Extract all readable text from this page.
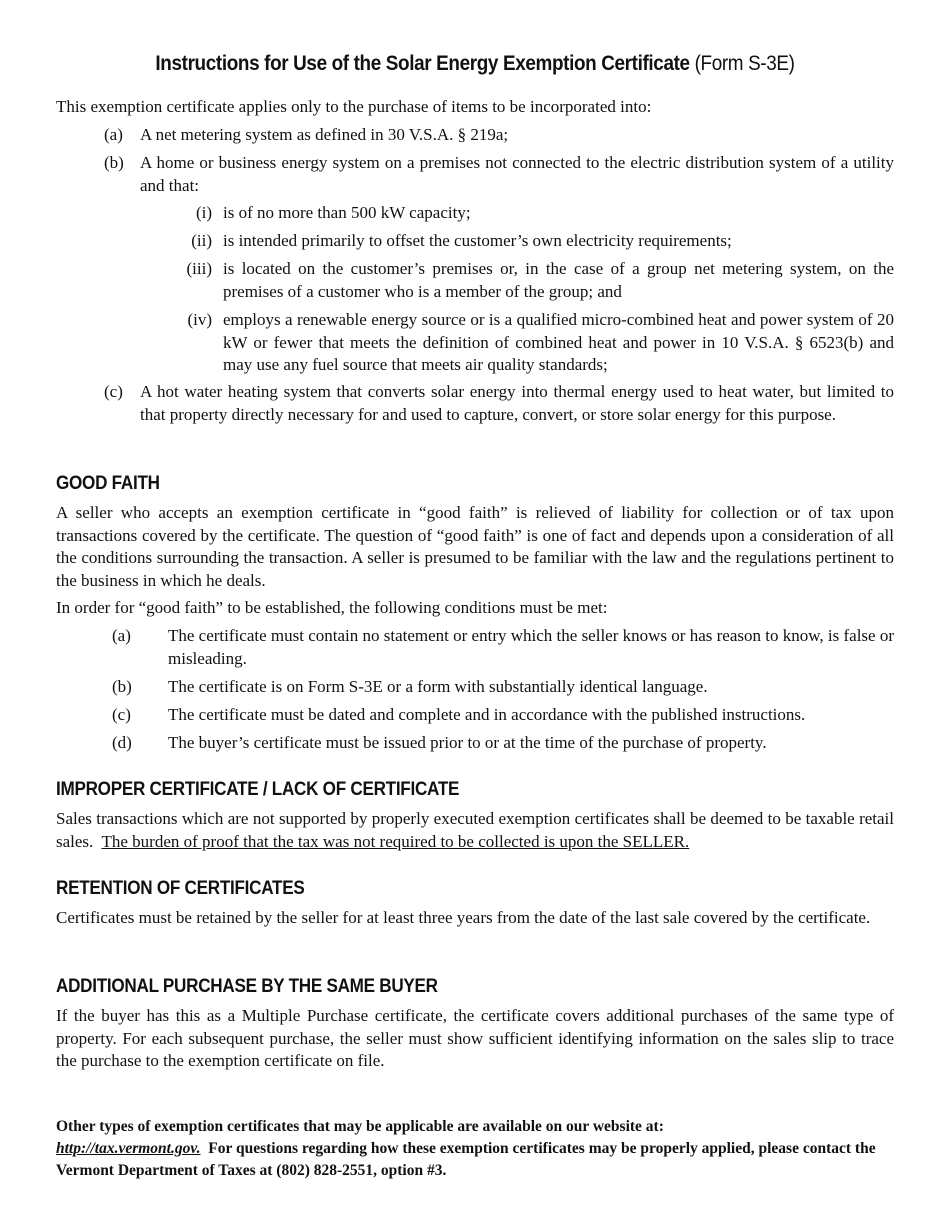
Instructions for Use of the Solar Energy Exemption Certificate (Form S-3E)

This exemption certificate applies only to the purchase of items to be incorporated into:

(a) A net metering system as defined in 30 V.S.A. § 219a;
(b) A home or business energy system on a premises not connected to the electric distribution system of a utility and that:
(i) is of no more than 500 kW capacity;
(ii) is intended primarily to offset the customer’s own electricity requirements;
(iii) is located on the customer’s premises or, in the case of a group net metering system, on the premises of a customer who is a member of the group; and
(iv) employs a renewable energy source or is a qualified micro-combined heat and power system of 20 kW or fewer that meets the definition of combined heat and power in 10 V.S.A. § 6523(b) and may use any fuel source that meets air quality standards;
(c) A hot water heating system that converts solar energy into thermal energy used to heat water, but limited to that property directly necessary for and used to capture, convert, or store solar energy for this purpose.
GOOD FAITH

A seller who accepts an exemption certificate in “good faith” is relieved of liability for collection or of tax upon transactions covered by the certificate. The question of “good faith” is one of fact and depends upon a consideration of all the conditions surrounding the transaction. A seller is presumed to be familiar with the law and the regulations pertinent to the business in which he deals.

In order for “good faith” to be established, the following conditions must be met:

(a) The certificate must contain no statement or entry which the seller knows or has reason to know, is false or misleading.
(b) The certificate is on Form S-3E or a form with substantially identical language.
(c) The certificate must be dated and complete and in accordance with the published instructions.
(d) The buyer’s certificate must be issued prior to or at the time of the purchase of property.
IMPROPER CERTIFICATE / LACK OF CERTIFICATE

Sales transactions which are not supported by properly executed exemption certificates shall be deemed to be taxable retail sales. The burden of proof that the tax was not required to be collected is upon the SELLER.

RETENTION OF CERTIFICATES

Certificates must be retained by the seller for at least three years from the date of the last sale covered by the certificate.

ADDITIONAL PURCHASE BY THE SAME BUYER

If the buyer has this as a Multiple Purchase certificate, the certificate covers additional purchases of the same type of property. For each subsequent purchase, the seller must show sufficient identifying information on the sales slip to trace the purchase to the exemption certificate on file.

Other types of exemption certificates that may be applicable are available on our website at:
http://tax.vermont.gov. For questions regarding how these exemption certificates may be properly applied, please contact the Vermont Department of Taxes at (802) 828-2551, option #3.
